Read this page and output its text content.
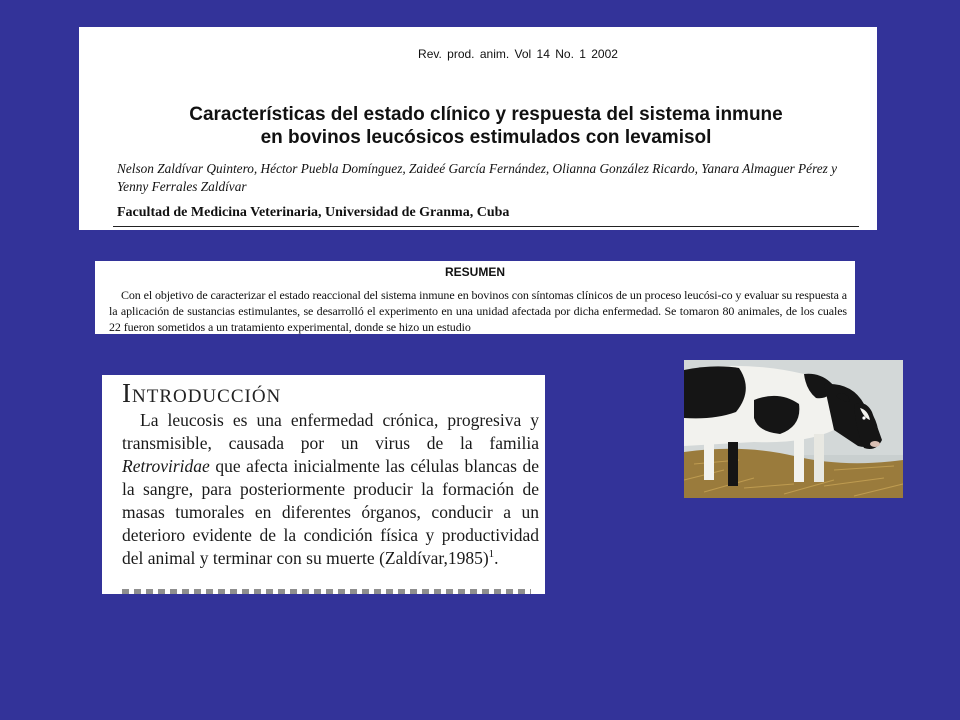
Rev. prod. anim. Vol 14 No. 1 2002
Características del estado clínico y respuesta del sistema inmune
en bovinos leucósicos estimulados con levamisol
Nelson Zaldívar Quintero, Héctor Puebla Domínguez, Zaideé García Fernández, Olianna González Ricardo, Yanara Almaguer Pérez y Yenny Ferrales Zaldívar
Facultad de Medicina Veterinaria, Universidad de Granma, Cuba
RESUMEN
Con el objetivo de caracterizar el estado reaccional del sistema inmune en bovinos con síntomas clínicos de un proceso leucósi-co y evaluar su respuesta a la aplicación de sustancias estimulantes, se desarrolló el experimento en una unidad afectada por dicha enfermedad. Se tomaron 80 animales, de los cuales 22 fueron sometidos a un tratamiento experimental, donde se hizo un estudio
Introducción
La leucosis es una enfermedad crónica, progresiva y transmisible, causada por un virus de la familia Retroviridae que afecta inicialmente las células blancas de la sangre, para posteriormente producir la formación de masas tumorales en diferentes órganos, conducir a un deterioro evidente de la condición física y productividad del animal y terminar con su muerte (Zaldívar,1985)$^1$.
